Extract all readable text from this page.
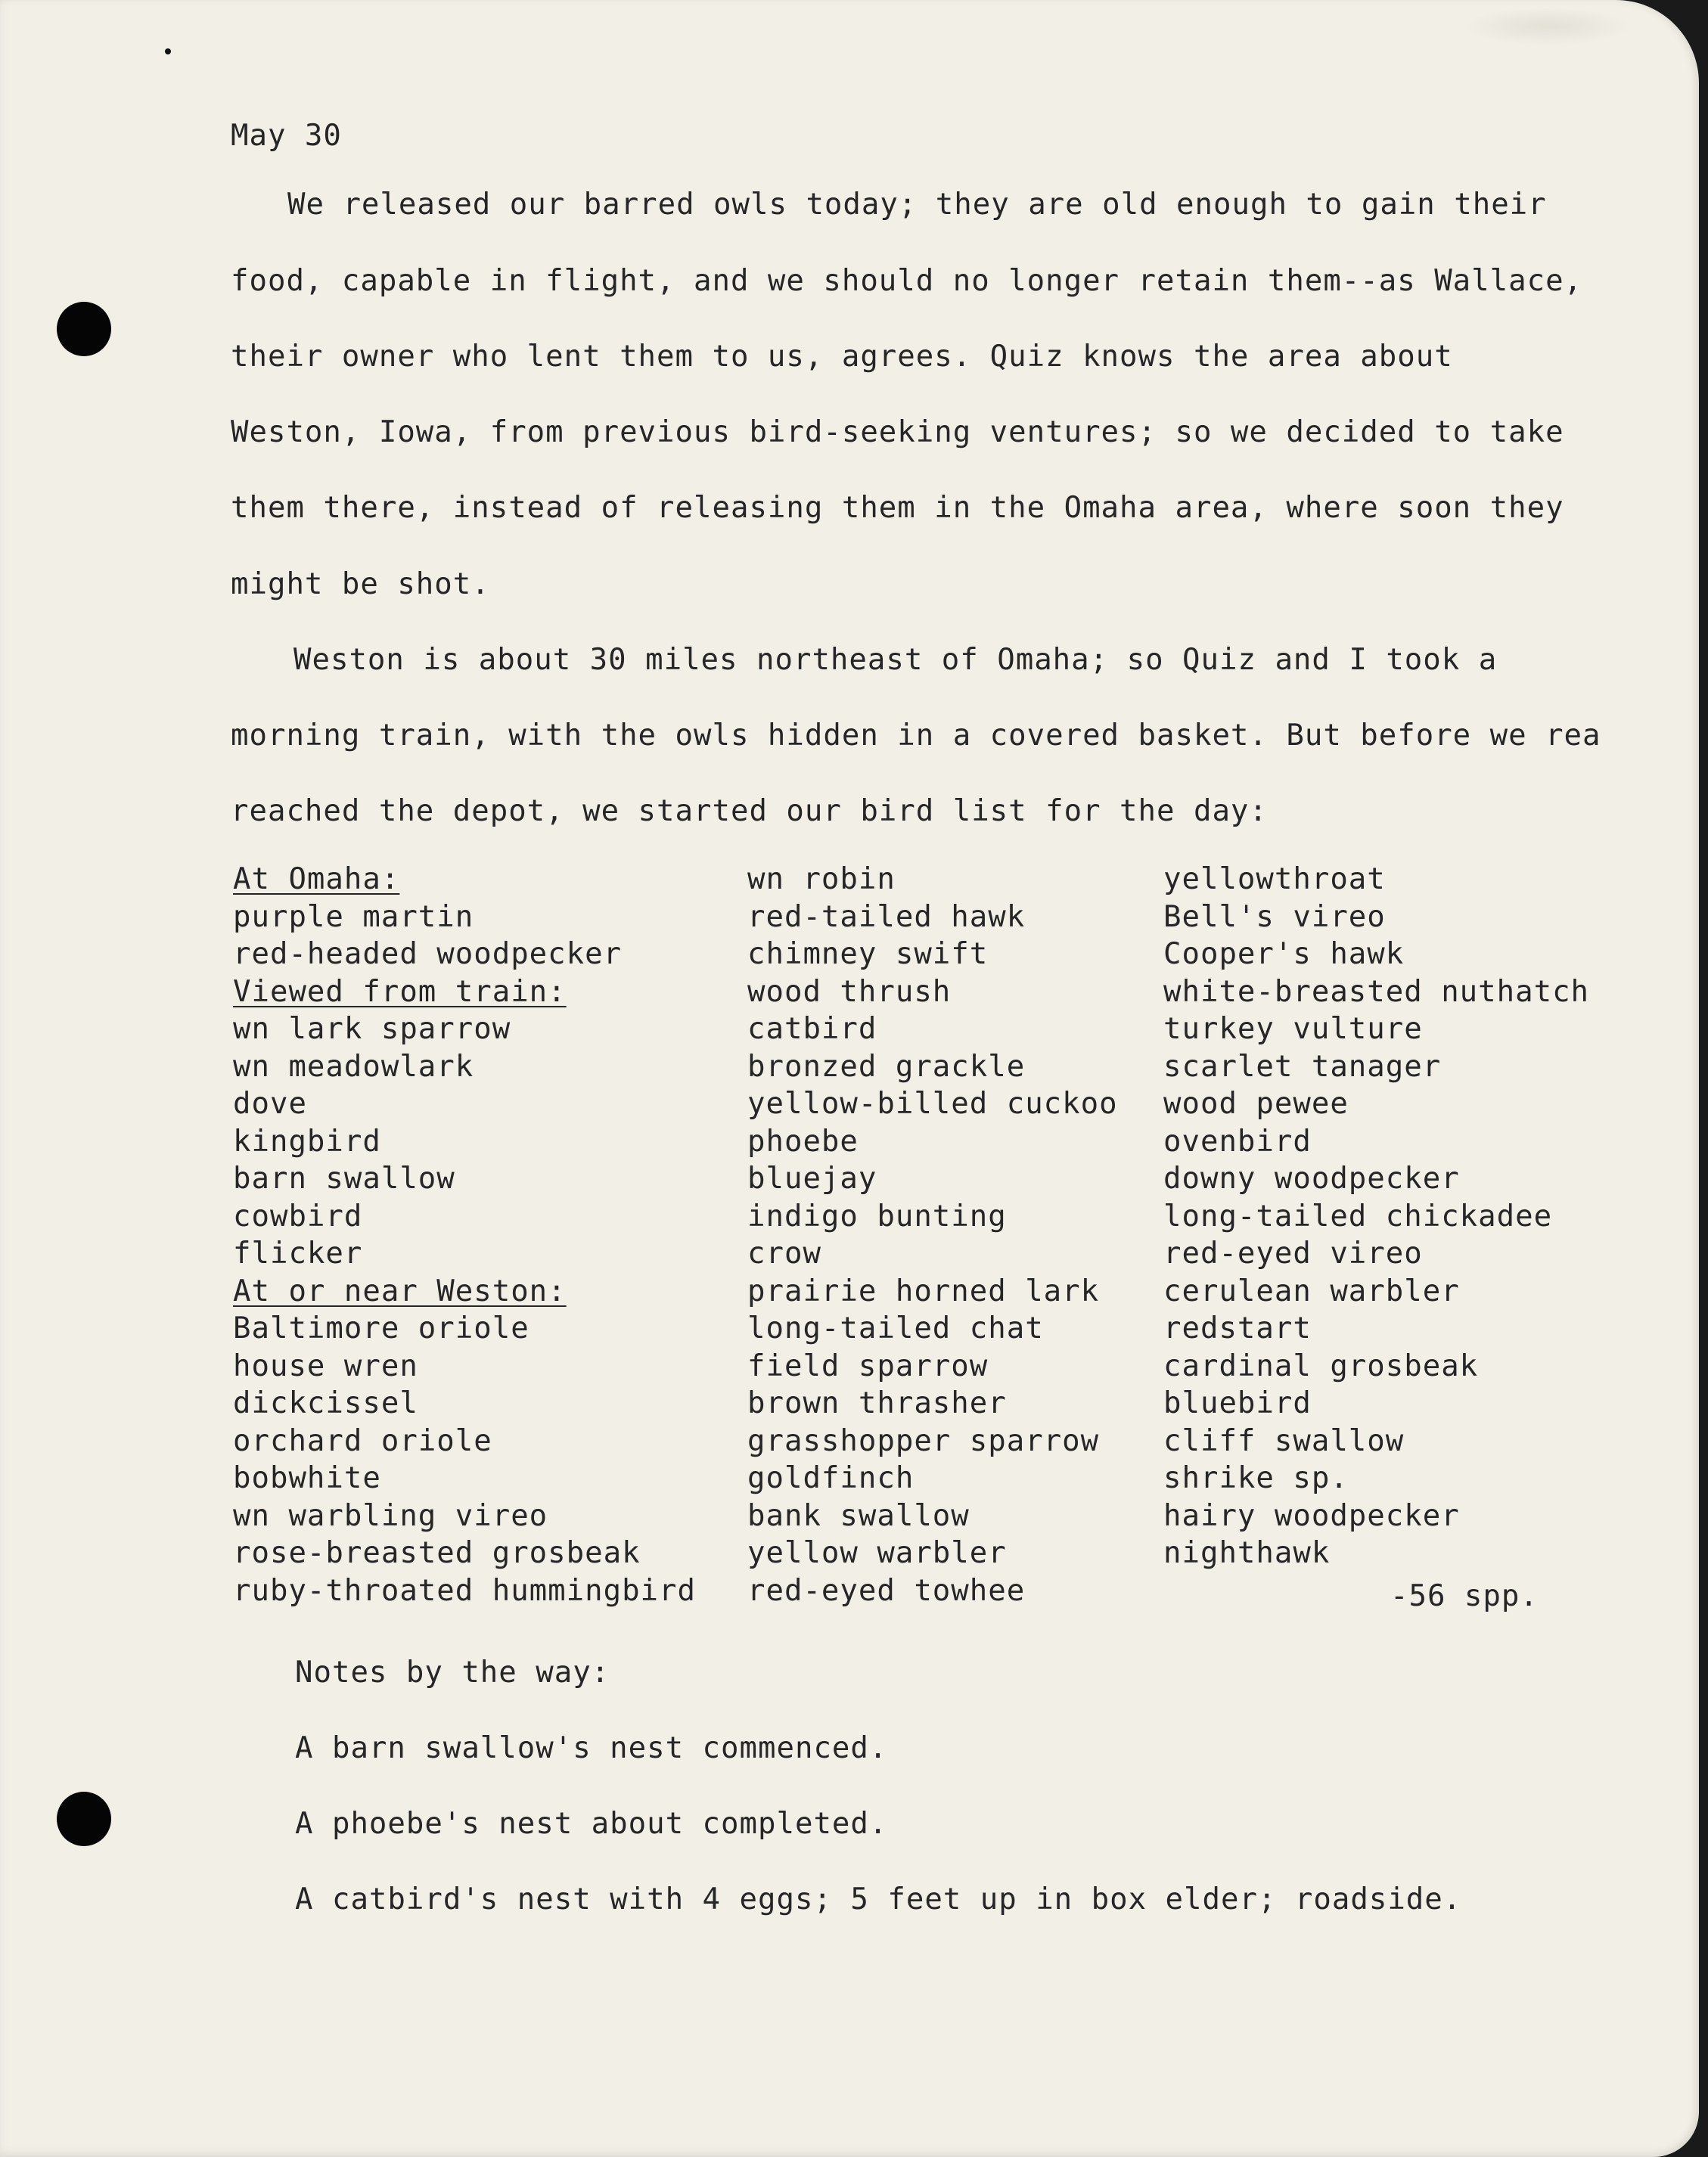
May 30
We released our barred owls today; they are old enough to gain their
food, capable in flight, and we should no longer retain them--as Wallace,
their owner who lent them to us, agrees. Quiz knows the area about
Weston, Iowa, from previous bird-seeking ventures; so we decided to take
them there, instead of releasing them in the Omaha area, where soon they
might be shot.
Weston is about 30 miles northeast of Omaha; so Quiz and I took a
morning train, with the owls hidden in a covered basket. But before we rea
reached the depot, we started our bird list for the day:
At Omaha:
purple martin
red-headed woodpecker
Viewed from train:
wn lark sparrow
wn meadowlark
dove
kingbird
barn swallow
cowbird
flicker
At or near Weston:
Baltimore oriole
house wren
dickcissel
orchard oriole
bobwhite
wn warbling vireo
rose-breasted grosbeak
ruby-throated hummingbird
wn robin
red-tailed hawk
chimney swift
wood thrush
catbird
bronzed grackle
yellow-billed cuckoo
phoebe
bluejay
indigo bunting
crow
prairie horned lark
long-tailed chat
field sparrow
brown thrasher
grasshopper sparrow
goldfinch
bank swallow
yellow warbler
red-eyed towhee
yellowthroat
Bell's vireo
Cooper's hawk
white-breasted nuthatch
turkey vulture
scarlet tanager
wood pewee
ovenbird
downy woodpecker
long-tailed chickadee
red-eyed vireo
cerulean warbler
redstart
cardinal grosbeak
bluebird
cliff swallow
shrike sp.
hairy woodpecker
nighthawk
-56 spp.
Notes by the way:
A barn swallow's nest commenced.
A phoebe's nest about completed.
A catbird's nest with 4 eggs; 5 feet up in box elder; roadside.
